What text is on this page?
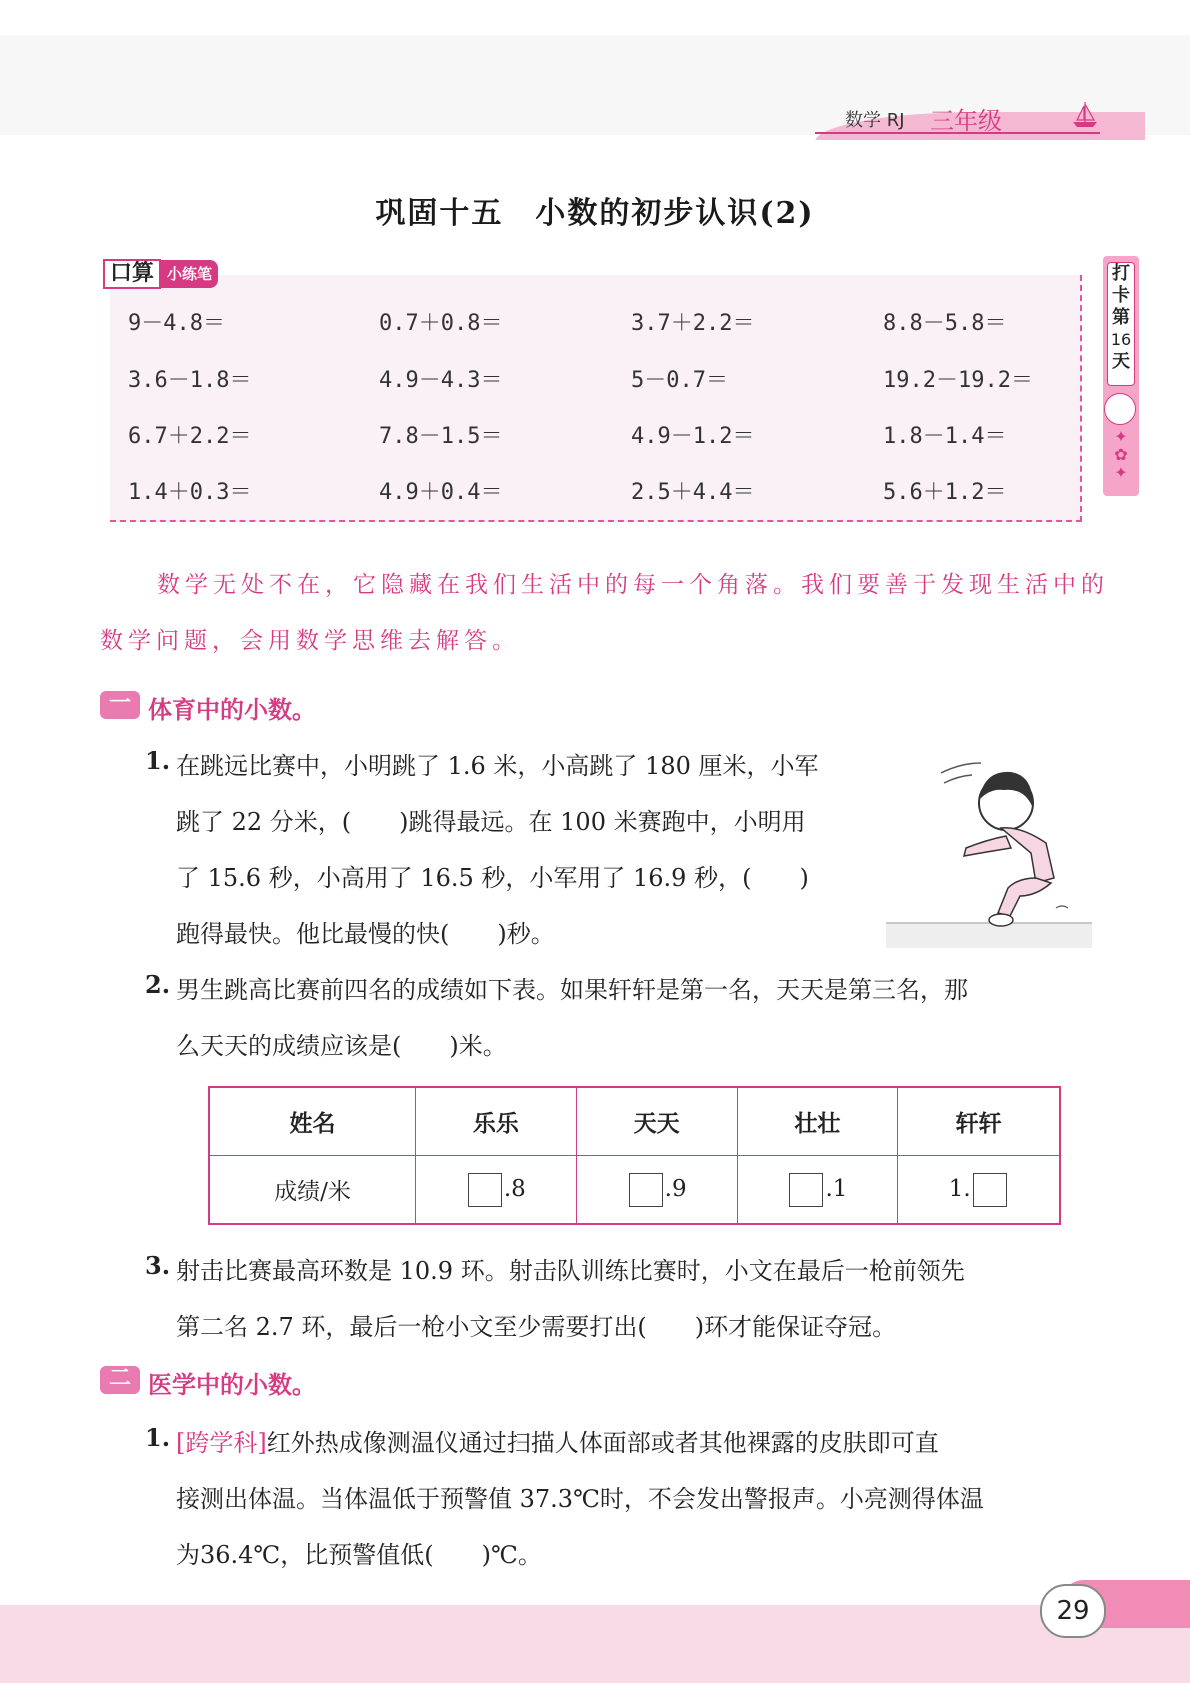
数学 RJ 三年级
巩固十五　小数的初步认识(2)
口算 小练笔
9－4.8＝	0.7＋0.8＝	3.7＋2.2＝	8.8－5.8＝
3.6－1.8＝	4.9－4.3＝	5－0.7＝	19.2－19.2＝
6.7＋2.2＝	7.8－1.5＝	4.9－1.2＝	1.8－1.4＝
1.4＋0.3＝	4.9＋0.4＝	2.5＋4.4＝	5.6＋1.2＝
打
卡
第
16
天
✦
✿
✦
数学无处不在，它隐藏在我们生活中的每一个角落。我们要善于发现生活中的
数学问题，会用数学思维去解答。
一 体育中的小数。
1. 在跳远比赛中，小明跳了 1.6 米，小高跳了 180 厘米，小军
跳了 22 分米，(　　)跳得最远。在 100 米赛跑中，小明用
了 15.6 秒，小高用了 16.5 秒，小军用了 16.9 秒，(　　)
跑得最快。他比最慢的快(　　)秒。
2. 男生跳高比赛前四名的成绩如下表。如果轩轩是第一名，天天是第三名，那
么天天的成绩应该是(　　)米。
姓名	乐乐	天天	壮壮	轩轩
成绩/米	.8	.9	.1	1.
3. 射击比赛最高环数是 10.9 环。射击队训练比赛时，小文在最后一枪前领先
第二名 2.7 环，最后一枪小文至少需要打出(　　)环才能保证夺冠。
二 医学中的小数。
1. [跨学科]红外热成像测温仪通过扫描人体面部或者其他裸露的皮肤即可直
接测出体温。当体温低于预警值 37.3℃时，不会发出警报声。小亮测得体温
为36.4℃，比预警值低(　　)℃。
29
